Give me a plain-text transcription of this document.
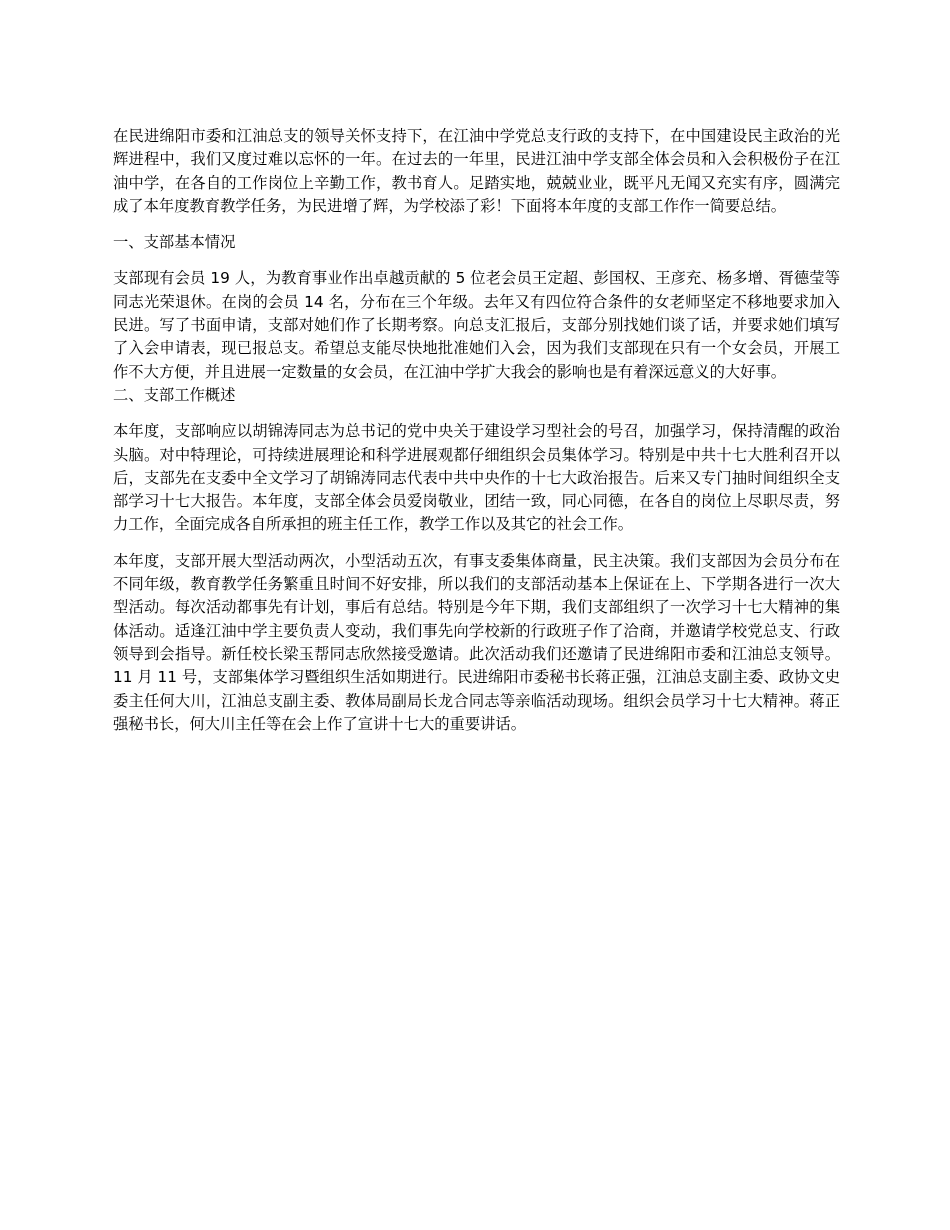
在民进绵阳市委和江油总支的领导关怀支持下，在江油中学党总支行政的支持下，在中国建设民主政治的光辉进程中，我们又度过难以忘怀的一年。在过去的一年里，民进江油中学支部全体会员和入会积极份子在江油中学，在各自的工作岗位上辛勤工作，教书育人。足踏实地，兢兢业业，既平凡无闻又充实有序，圆满完成了本年度教育教学任务，为民进增了辉，为学校添了彩！下面将本年度的支部工作作一简要总结。

一、支部基本情况

支部现有会员 19 人，为教育事业作出卓越贡献的 5 位老会员王定超、彭国权、王彦充、杨多增、胥德莹等同志光荣退休。在岗的会员 14 名，分布在三个年级。去年又有四位符合条件的女老师坚定不移地要求加入民进。写了书面申请，支部对她们作了长期考察。向总支汇报后，支部分别找她们谈了话，并要求她们填写了入会申请表，现已报总支。希望总支能尽快地批准她们入会，因为我们支部现在只有一个女会员，开展工作不大方便，并且进展一定数量的女会员，在江油中学扩大我会的影响也是有着深远意义的大好事。

二、支部工作概述

本年度，支部响应以胡锦涛同志为总书记的党中央关于建设学习型社会的号召，加强学习，保持清醒的政治头脑。对中特理论，可持续进展理论和科学进展观都仔细组织会员集体学习。特别是中共十七大胜利召开以后，支部先在支委中全文学习了胡锦涛同志代表中共中央作的十七大政治报告。后来又专门抽时间组织全支部学习十七大报告。本年度，支部全体会员爱岗敬业，团结一致，同心同德，在各自的岗位上尽职尽责，努力工作，全面完成各自所承担的班主任工作，教学工作以及其它的社会工作。

本年度，支部开展大型活动两次，小型活动五次，有事支委集体商量，民主决策。我们支部因为会员分布在不同年级，教育教学任务繁重且时间不好安排，所以我们的支部活动基本上保证在上、下学期各进行一次大型活动。每次活动都事先有计划，事后有总结。特别是今年下期，我们支部组织了一次学习十七大精神的集体活动。适逢江油中学主要负责人变动，我们事先向学校新的行政班子作了洽商，并邀请学校党总支、行政领导到会指导。新任校长梁玉帮同志欣然接受邀请。此次活动我们还邀请了民进绵阳市委和江油总支领导。11 月 11 号，支部集体学习暨组织生活如期进行。民进绵阳市委秘书长蒋正强，江油总支副主委、政协文史委主任何大川，江油总支副主委、教体局副局长龙合同志等亲临活动现场。组织会员学习十七大精神。蒋正强秘书长，何大川主任等在会上作了宣讲十七大的重要讲话。
